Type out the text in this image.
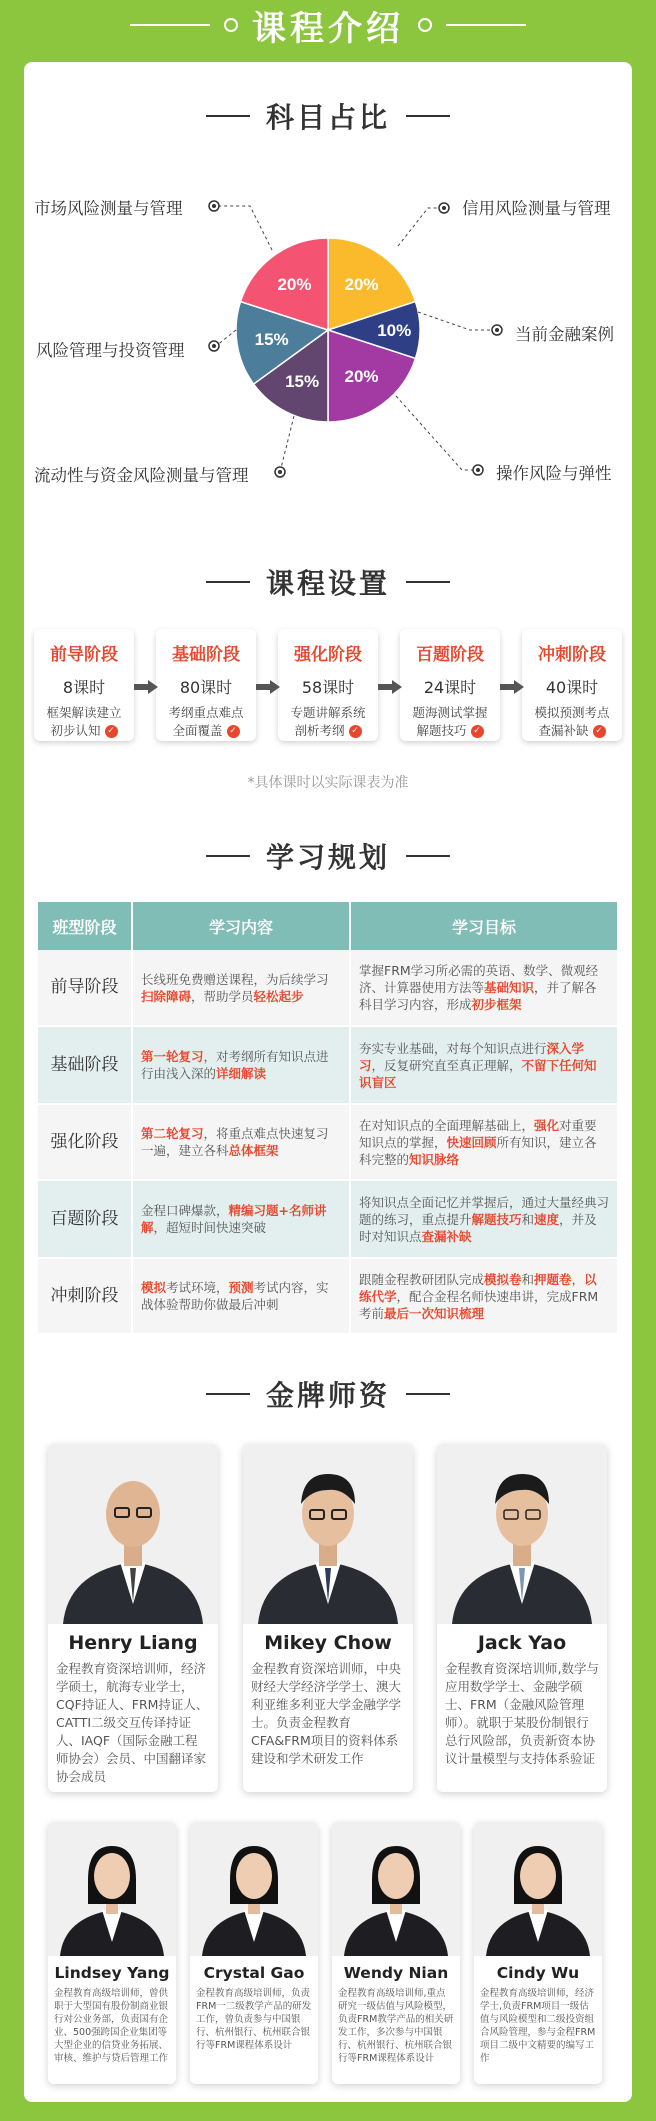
课程介绍
科目占比
20%
10%
20%
15%
15%
20%
市场风险测量与管理	信用风险测量与管理
风险管理与投资管理
当前金融案例
流动性与资金风险测量与管理	操作风险与弹性
课程设置
前导阶段
8课时
框架解读建立
初步认知 ✓
基础阶段
80课时
考纲重点难点
全面覆盖 ✓
强化阶段
58课时
专题讲解系统
剖析考纲 ✓
百题阶段
24课时
题海测试掌握
解题技巧 ✓
冲刺阶段
40课时
模拟预测考点
查漏补缺 ✓
*具体课时以实际课表为准
学习规划
班型阶段	学习内容	学习目标
前导阶段	长线班免费赠送课程，为后续学习扫除障碍，帮助学员轻松起步	掌握FRM学习所必需的英语、数学、微观经济、计算器使用方法等基础知识，并了解各科目学习内容，形成初步框架
基础阶段	第一轮复习，对考纲所有知识点进行由浅入深的详细解读	夯实专业基础，对每个知识点进行深入学习，反复研究直至真正理解，不留下任何知识盲区
强化阶段	第二轮复习，将重点难点快速复习一遍，建立各科总体框架	在对知识点的全面理解基础上，强化对重要知识点的掌握，快速回顾所有知识，建立各科完整的知识脉络
百题阶段	金程口碑爆款，精编习题+名师讲解，超短时间快速突破	将知识点全面记忆并掌握后，通过大量经典习题的练习，重点提升解题技巧和速度，并及时对知识点查漏补缺
冲刺阶段	模拟考试环境，预测考试内容，实战体验帮助你做最后冲刺	跟随金程教研团队完成模拟卷和押题卷，以练代学，配合金程名师快速串讲，完成FRM考前最后一次知识梳理
金牌师资
Henry Liang
金程教育资深培训师，经济学硕士，航海专业学士，CQF持证人、FRM持证人、CATTI二级交互传译持证人、IAQF（国际金融工程师协会）会员、中国翻译家协会成员
Mikey Chow
金程教育资深培训师，中央财经大学经济学学士、澳大利亚维多利亚大学金融学学士。负责金程教育CFA&FRM项目的资料体系建设和学术研发工作
Jack Yao
金程教育资深培训师,数学与应用数学学士、金融学硕士、FRM（金融风险管理师）。就职于某股份制银行总行风险部，负责新资本协议计量模型与支持体系验证
Lindsey Yang
金程教育高级培训师，曾供职于大型国有股份制商业银行对公业务部，负责国有企业、500强跨国企业集团等大型企业的信贷业务拓展、审核、维护与贷后管理工作
Crystal Gao
金程教育高级培训师，负责FRM一二级教学产品的研发工作，曾负责参与中国银行、杭州银行、杭州联合银行等FRM课程体系设计
Wendy Nian
金程教育高级培训师,重点研究一级估值与风险模型，负责FRM教学产品的相关研发工作，多次参与中国银行、杭州银行、杭州联合银行等FRM课程体系设计
Cindy Wu
金程教育高级培训师，经济学士,负责FRM项目一级估值与风险模型和二级投资组合风险管理，参与金程FRM项目二级中文精要的编写工作
